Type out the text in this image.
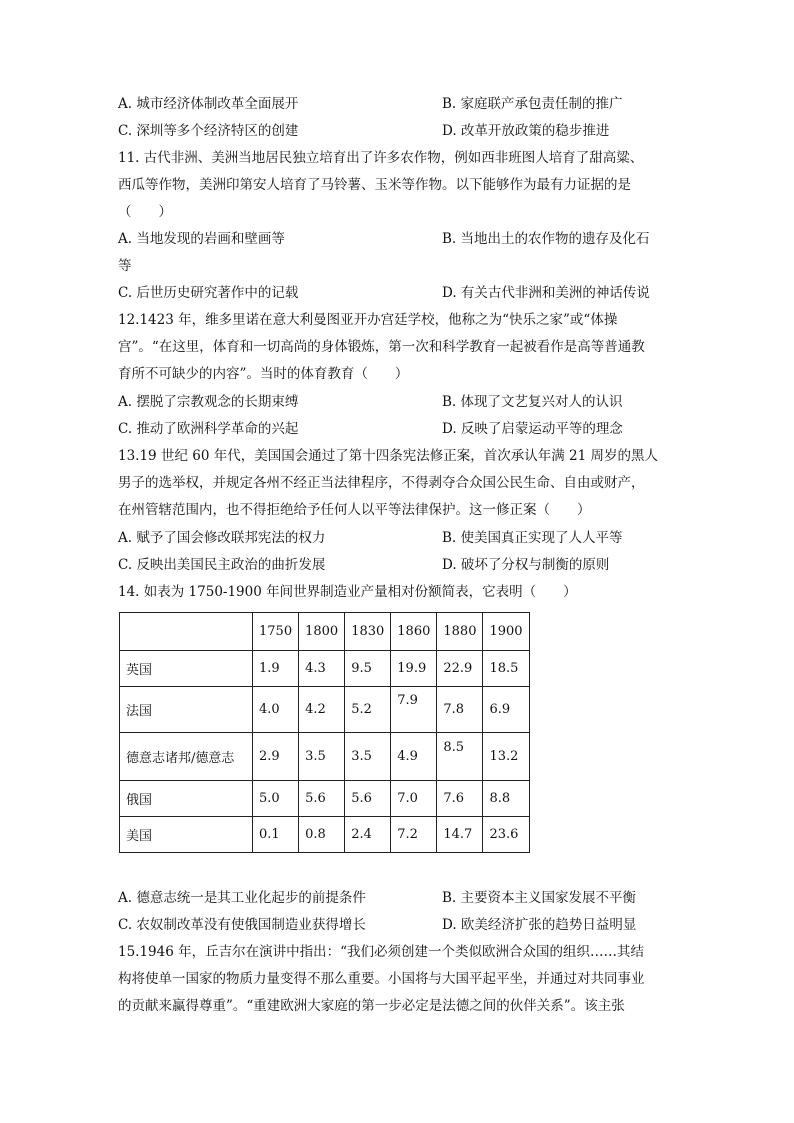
A. 城市经济体制改革全面展开	B. 家庭联产承包责任制的推广
C. 深圳等多个经济特区的创建	D. 改革开放政策的稳步推进
11. 古代非洲、美洲当地居民独立培育出了许多农作物，例如西非班图人培育了甜高粱、
西瓜等作物，美洲印第安人培育了马铃薯、玉米等作物。以下能够作为最有力证据的是
（　　）
A. 当地发现的岩画和壁画等	B. 当地出土的农作物的遗存及化石
等
C. 后世历史研究著作中的记载	D. 有关古代非洲和美洲的神话传说
12.1423 年，维多里诺在意大利曼图亚开办宫廷学校，他称之为“快乐之家”或“体操
宫”。“在这里，体育和一切高尚的身体锻炼，第一次和科学教育一起被看作是高等普通教
育所不可缺少的内容”。当时的体育教育（　　）
A. 摆脱了宗教观念的长期束缚	B. 体现了文艺复兴对人的认识
C. 推动了欧洲科学革命的兴起	D. 反映了启蒙运动平等的理念
13.19 世纪 60 年代，美国国会通过了第十四条宪法修正案，首次承认年满 21 周岁的黑人
男子的选举权，并规定各州不经正当法律程序，不得剥夺合众国公民生命、自由或财产，
在州管辖范围内，也不得拒绝给予任何人以平等法律保护。这一修正案（　　）
A. 赋予了国会修改联邦宪法的权力	B. 使美国真正实现了人人平等
C. 反映出美国民主政治的曲折发展	D. 破坏了分权与制衡的原则
14. 如表为 1750-1900 年间世界制造业产量相对份额简表，它表明（　　）
	1750	1800	1830	1860	1880	1900
英国	1.9	4.3	9.5	19.9	22.9	18.5
法国	4.0	4.2	5.2	7.9	7.8	6.9
德意志诸邦/德意志	2.9	3.5	3.5	4.9	8.5	13.2
俄国	5.0	5.6	5.6	7.0	7.6	8.8
美国	0.1	0.8	2.4	7.2	14.7	23.6
A. 德意志统一是其工业化起步的前提条件	B. 主要资本主义国家发展不平衡
C. 农奴制改革没有使俄国制造业获得增长	D. 欧美经济扩张的趋势日益明显
15.1946 年，丘吉尔在演讲中指出：“我们必须创建一个类似欧洲合众国的组织……其结
构将使单一国家的物质力量变得不那么重要。小国将与大国平起平坐，并通过对共同事业
的贡献来赢得尊重”。“重建欧洲大家庭的第一步必定是法德之间的伙伴关系”。该主张
